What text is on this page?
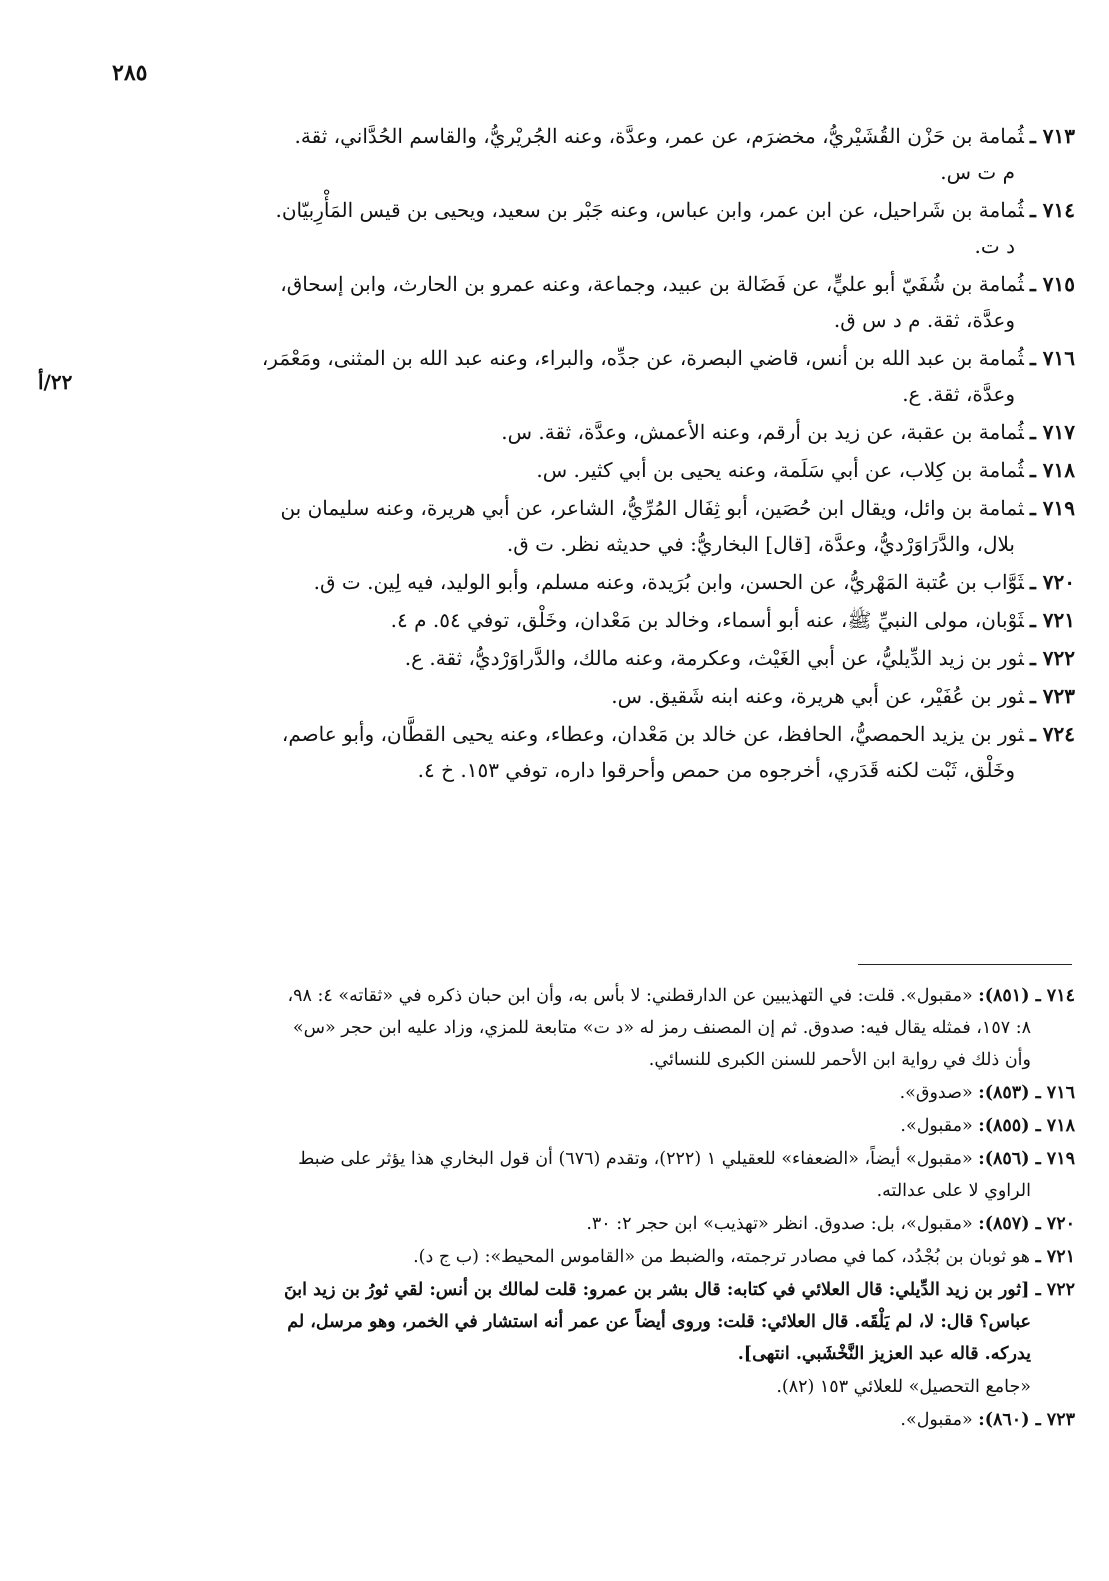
٢٨٥
٢٢/أ
٧١٣ ـثُمامة بن حَزْن القُشَيْريُّ، مخضرَم، عن عمر، وعدَّة، وعنه الجُريْريُّ، والقاسم الحُدَّاني، ثقة.
م ت س.
٧١٤ ـثُمامة بن شَراحيل، عن ابن عمر، وابن عباس، وعنه جَبْر بن سعيد، ويحيى بن قيس المَأْرِبيّان.
د ت.
٧١٥ ـثُمامة بن شُفَيّ أبو عليٍّ، عن فَضَالة بن عبيد، وجماعة، وعنه عمرو بن الحارث، وابن إسحاق،
وعدَّة، ثقة. م د س ق.
٧١٦ ـثُمامة بن عبد الله بن أنس، قاضي البصرة، عن جدِّه، والبراء، وعنه عبد الله بن المثنى، ومَعْمَر،
وعدَّة، ثقة. ع.
٧١٧ ـثُمامة بن عقبة، عن زيد بن أرقم، وعنه الأعمش، وعدَّة، ثقة. س.
٧١٨ ـثُمامة بن كِلاب، عن أبي سَلَمة، وعنه يحيى بن أبي كثير. س.
٧١٩ ـثمامة بن وائل، ويقال ابن حُصَين، أبو ثِفَال المُرِّيُّ، الشاعر، عن أبي هريرة، وعنه سليمان بن
بلال، والدَّرَاوَرْديُّ، وعدَّة، [قال] البخاريُّ: في حديثه نظر. ت ق.
٧٢٠ ـثَوَّاب بن عُتبة المَهْريُّ، عن الحسن، وابن بُرَيدة، وعنه مسلم، وأبو الوليد، فيه لِين. ت ق.
٧٢١ ـثَوْبان، مولى النبيِّ ﷺ، عنه أبو أسماء، وخالد بن مَعْدان، وخَلْق، توفي ٥٤. م ٤.
٧٢٢ ـثور بن زيد الدِّيليُّ، عن أبي الغَيْث، وعكرمة، وعنه مالك، والدَّراوَرْديُّ، ثقة. ع.
٧٢٣ ـثور بن عُفَيْر، عن أبي هريرة، وعنه ابنه شَقيق. س.
٧٢٤ ـثور بن يزيد الحمصيُّ، الحافظ، عن خالد بن مَعْدان، وعطاء، وعنه يحيى القطَّان، وأبو عاصم،
وخَلْق، ثَبْت لكنه قَدَري، أخرجوه من حمص وأحرقوا داره، توفي ١٥٣. خ ٤.
٧١٤ ـ (٨٥١): «مقبول». قلت: في التهذيبين عن الدارقطني: لا بأس به، وأن ابن حبان ذكره في «ثقاته» ٤: ٩٨،
٨: ١٥٧، فمثله يقال فيه: صدوق. ثم إن المصنف رمز له «د ت» متابعة للمزي، وزاد عليه ابن حجر «س»
وأن ذلك في رواية ابن الأحمر للسنن الكبرى للنسائي.
٧١٦ ـ (٨٥٣): «صدوق».
٧١٨ ـ (٨٥٥): «مقبول».
٧١٩ ـ (٨٥٦): «مقبول» أيضاً، «الضعفاء» للعقيلي ١ (٢٢٢)، وتقدم (٦٧٦) أن قول البخاري هذا يؤثر على ضبط
الراوي لا على عدالته.
٧٢٠ ـ (٨٥٧): «مقبول»، بل: صدوق. انظر «تهذيب» ابن حجر ٢: ٣٠.
٧٢١ ـ هو ثوبان بن بُجْدُد، كما في مصادر ترجمته، والضبط من «القاموس المحيط»: (ب ج د).
٧٢٢ ـ [ثور بن زيد الدِّيلي: قال العلائي في كتابه: قال بشر بن عمرو: قلت لمالك بن أنس: لقي ثورُ بن زيد ابنَ
عباس؟ قال: لا، لم يَلْقَه. قال العلائي: قلت: وروى أيضاً عن عمر أنه استشار في الخمر، وهو مرسل، لم
يدركه. قاله عبد العزيز النَّخْشَبي. انتهى].
«جامع التحصيل» للعلائي ١٥٣ (٨٢).
٧٢٣ ـ (٨٦٠): «مقبول».
